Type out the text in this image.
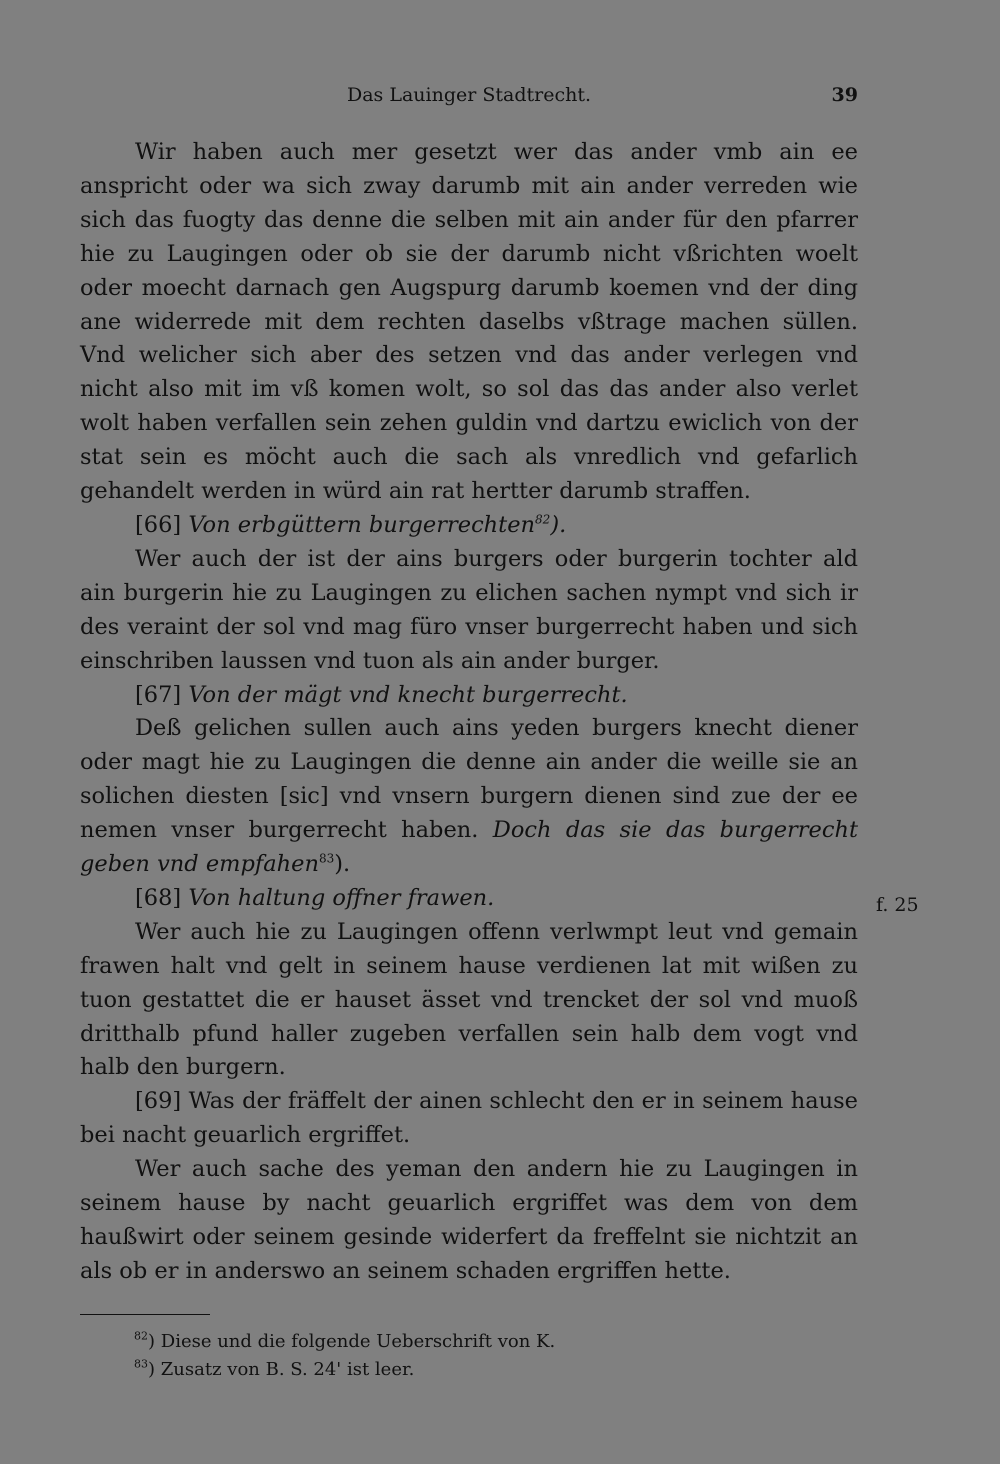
Das Lauinger Stadtrecht.	39

Wir haben auch mer gesetzt wer das ander vmb ain ee anspricht oder wa sich zway darumb mit ain ander verreden wie sich das fuogty das denne die selben mit ain ander für den pfarrer hie zu Laugingen oder ob sie der darumb nicht vßrichten woelt oder moecht darnach gen Augspurg darumb koemen vnd der ding ane widerrede mit dem rechten daselbs vßtrage machen süllen. Vnd welicher sich aber des setzen vnd das ander verlegen vnd nicht also mit im vß komen wolt, so sol das das ander also verlet wolt haben verfallen sein zehen guldin vnd dartzu ewiclich von der stat sein es möcht auch die sach als vnredlich vnd gefarlich gehandelt werden in würd ain rat hertter darumb straffen.

[66] Von erbgüttern burgerrechten$^{82}$).

Wer auch der ist der ains burgers oder burgerin tochter ald ain burgerin hie zu Laugingen zu elichen sachen nympt vnd sich ir des veraint der sol vnd mag füro vnser burgerrecht haben und sich einschriben laussen vnd tuon als ain ander burger.

[67] Von der mägt vnd knecht burgerrecht.

Deß gelichen sullen auch ains yeden burgers knecht diener oder magt hie zu Laugingen die denne ain ander die weille sie an solichen diesten [sic] vnd vnsern burgern dienen sind zue der ee nemen vnser burgerrecht haben. Doch das sie das burgerrecht geben vnd empfahen$^{83}$).

[68] Von haltung offner frawen.

Wer auch hie zu Laugingen offenn verlwmpt leut vnd gemain frawen halt vnd gelt in seinem hause verdienen lat mit wißen zu tuon gestattet die er hauset ässet vnd trencket der sol vnd muoß dritthalb pfund haller zugeben verfallen sein halb dem vogt vnd halb den burgern.

[69] Was der fräffelt der ainen schlecht den er in seinem hause bei nacht geuarlich ergriffet.

Wer auch sache des yeman den andern hie zu Laugingen in seinem hause by nacht geuarlich ergriffet was dem von dem haußwirt oder seinem gesinde widerfert da freffelnt sie nichtzit an als ob er in anderswo an seinem schaden ergriffen hette.

f. 25

$^{82}$) Diese und die folgende Ueberschrift von K.

$^{83}$) Zusatz von B. S. 24' ist leer.
